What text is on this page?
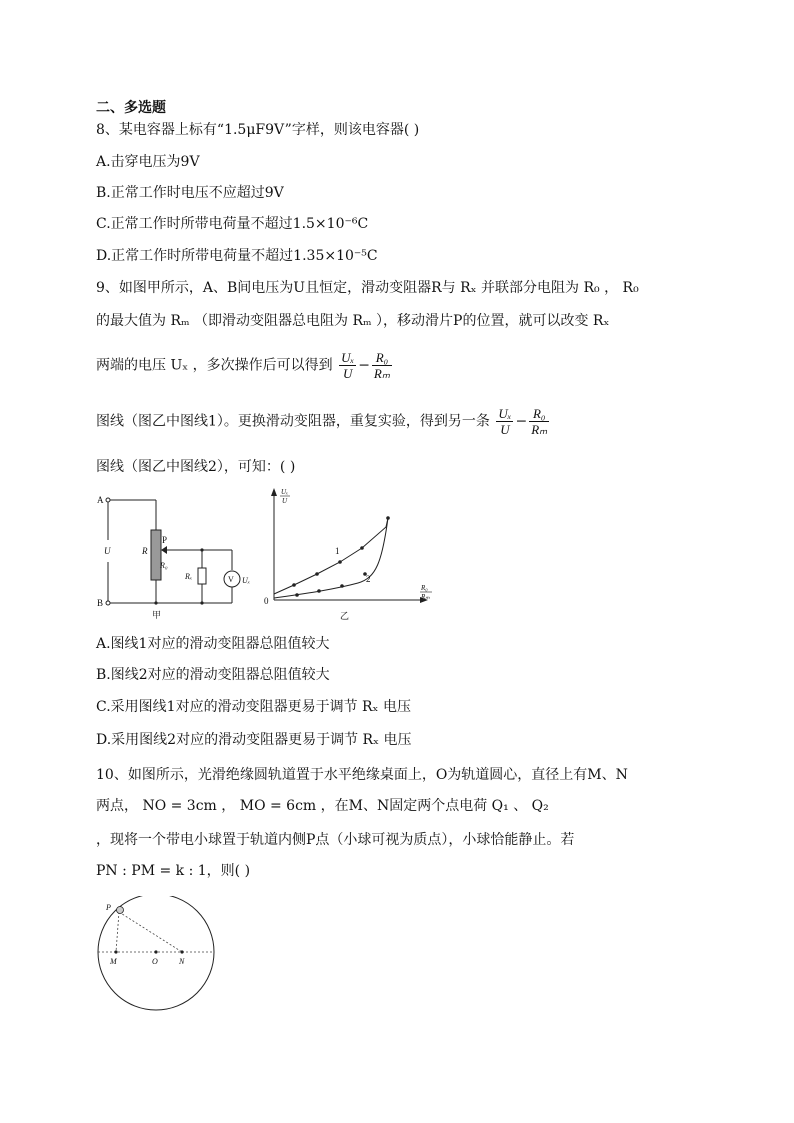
二、多选题
8、某电容器上标有“1.5μF9V”字样，则该电容器( )
A.击穿电压为9V
B.正常工作时电压不应超过9V
C.正常工作时所带电荷量不超过1.5×10⁻⁶C
D.正常工作时所带电荷量不超过1.35×10⁻⁵C
9、如图甲所示，A、B间电压为U且恒定，滑动变阻器R与 Rₓ 并联部分电阻为 R₀ ， R₀
的最大值为 Rₘ （即滑动变阻器总电阻为 Rₘ ），移动滑片P的位置，就可以改变 Rₓ
两端的电压 Uₓ ，多次操作后可以得到 $\frac{\text{Uₓ}}{U} - \frac{\text{R₀}}{\text{Rₘ}}$
图线（图乙中图线1）。更换滑动变阻器，重复实验，得到另一条 $\frac{\text{Uₓ}}{U} - \frac{\text{R₀}}{\text{Rₘ}}$
图线（图乙中图线2），可知：( )
A
B
U	R
P
R₀
Rₓ	V Uₓ
甲
Uₓ
U
R₀
Rₘ
0
1
2
乙
A.图线1对应的滑动变阻器总阻值较大
B.图线2对应的滑动变阻器总阻值较大
C.采用图线1对应的滑动变阻器更易于调节 Rₓ 电压
D.采用图线2对应的滑动变阻器更易于调节 Rₓ 电压
10、如图所示，光滑绝缘圆轨道置于水平绝缘桌面上，O为轨道圆心，直径上有M、N
两点， NO = 3cm ， MO = 6cm ，在M、N固定两个点电荷 Q₁ 、 Q₂
，现将一个带电小球置于轨道内侧P点（小球可视为质点），小球恰能静止。若
PN : PM = k : 1，则( )
P
M	O	N
